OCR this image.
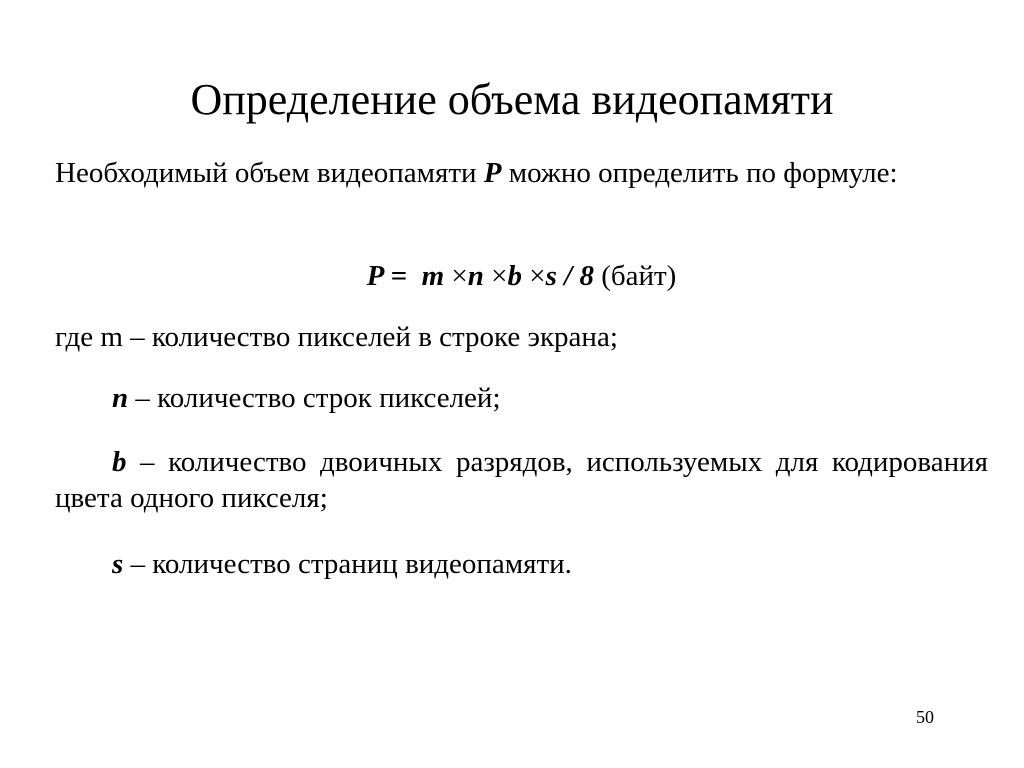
Определение объема видеопамяти

Необходимый объем видеопамяти P можно определить по формуле:

P = m ×n ×b ×s / 8 (байт)

где m – количество пикселей в строке экрана;

n – количество строк пикселей;

b – количество двоичных разрядов, используемых для кодирования цвета одного пикселя;

s – количество страниц видеопамяти.

50
